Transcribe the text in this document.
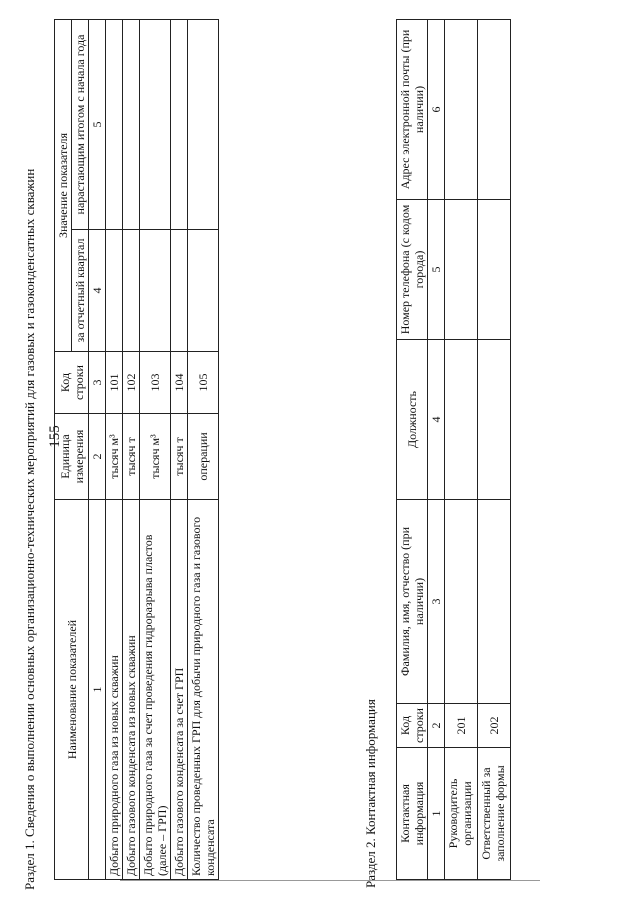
155
Раздел 1. Сведения о выполнении основных организационно-технических мероприятий для газовых и газоконденсатных скважин Наименование показателей	Единица измерения	Код строки	Значение показателя	
			за отчетный квартал	нарастающим итогом с начала года
1	2	3	4	5
Добыто природного газа из новых скважин	тысяч м³	101		
Добыто газового конденсата из новых скважин	тысяч т	102		
Добыто природного газа за счет проведения гидроразрыва пластов (далее – ГРП)	тысяч м³	103		
Добыто газового конденсата за счет ГРП	тысяч т	104		
Количество проведенных ГРП для добычи природного газа и газового конденсата	операции	105		
Раздел 2. Контактная информация Контактная информация	Код строки	Фамилия, имя, отчество (при наличии)	Должность	Номер телефона (с кодом города)	Адрес электронной почты (при наличии)
1	2	3	4	5	6
Руководитель организации	201				
Ответственный за заполнение формы	202				
